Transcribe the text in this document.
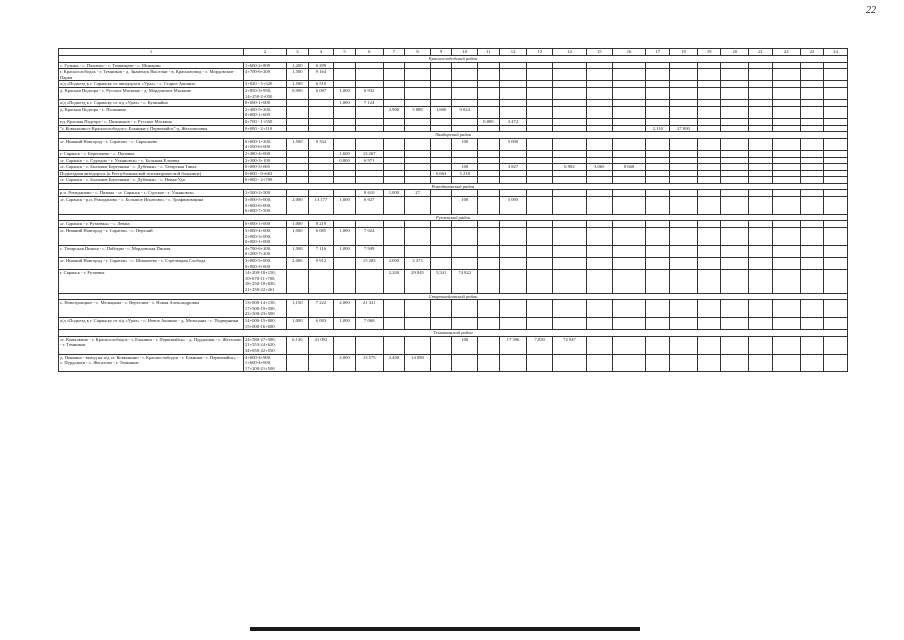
22
1	2	3	4	5	6	7	8	9	10	11	12	13	14	15	16	17	18	19	20	21	22	23	24
Краснослободский район																							
с. Гузынь - с. Палимос - с. Темницеве - с. Шинарин	1+600-2+800	1,200	6 299																				
г. Краснослободск - г. Темников - д. Знаменск Выселки - в. Красноповод - с. Мордовские Парки	4+700-6+200	1,500	9 164																				
а/д «Подъезд к г. Саранску от автодороги «Урал» - с. Старое Акшино	3+020 - 5+320	1,500	6 510																				
д. Красная Подгора - с. Русское Маскино - д. Мордовское Маскино	2+850-3+950, 14+250-2+050	0,900	6 087	1,000	6 932																		
а/д «Подъезд к г. Саранску от а/д «Урал» - с. Кушняйно	0+000-1+000			1,000	7 124																		
д. Красная Подгора - с. Полинино	2+400-5+200, 0+000-1+600					2,900	5 888	1,600	9 024														
пд. Красная Подгора - с. Пятницкое - с. Русское Маскино	0+700 - 1+550									0,800	3 472												
"г. Ковылкино-г.Краснослободск-с.Ельники-с.Первомайск"-д. Жегалоповка	0+000 - 2+110															2,110	27 000						
Лямбирский район																							
«г. Нижний Новгород - г. Саратов» - с. Скрыльево	0+000-1+200, 4+500-6+000	1,500	9 332						100		5 000												
г. Саранск - с. Берегачево - с. Поповка	2+480-4+000			1,600	13 267																		
«г. Саранск - с. Суродио - г. Ульяновск» - с. Большая Елховка	2+300-3+100			0,800	6 971																		
«г. Саранск - с. Большие Березники - с. Дубенки» - с. Татарская Тавла	0+000-3+065								100		3 827		6 902	3,065	8 660								
Подъездная автодорога (к Республиканской психиатрической больнице)	0+000 - 0+663							0,663	5 218														
«г. Саранск - с. Большие Березники - с. Дубенки» - с. Новая Уда	0+000 - 2+700																						
Ромодановский район																							
р.п. Ромоданово - с. Пятина - «г. Саранск - с. Сурское - г. Ульяновск»	1+500-2+500				8 610	1,000	27																
«г. Саранск - р.п. Ромоданово - с. Большое Игнатово» - с. Трофимовщина	3+000-5+000, 5+000-6+000, 6+000-7+500	2,000	13 177	1,000	6 927				100		5 005												
Рузаевский район																							
«г. Саранск - г. Рузаевка» - с. Левжа	0+000-1+000	1,000	8 219																				
«г. Нижний Новгород - г. Саратов» - с. Перхляй	3+000-4+000, 2+000-3+000, 0+000-1+000	1,000	6 085	1,000	7 024																		
с. Татарская Пишля - с. Пайгарм - с. Мордовская Пишля	4+700-6+200, 6+200-7+200	1,500	7 116	1,000	7 949																		
«г. Нижний Новгород - г. Саратов» - с. Шишкеево - с. Стрелецкая Слобода	3+000-5+000, 0+000-3+000	2,000	9 912		15 283	2,000	3 373																
г. Саранск - г. Рузаевка	14+200-18+150, 10+670-11+700, 18+250-18+830, 21+250-22+261					2,200	29 845	5,541	74 822														
Старошайговский район																							
с. Новотроицкое - с. Мельцаны - с. Вертелим - с. Новая Александровка	13+000-14+150, 17+500-19+500, 22+500-23+500	1,150	7 222	2,000	21 321																		
а/д «Подъезд к г. Саранску от а/д «Урал» - с. Новое Акшино - д. Мельцаны - с. Подверники	14+000-15+000, 15+000-16+000	1,000	6 083	1,000	7 068																		
Темниковский район																							
«г. Ковылкино - г. Краснослободск - г. Ельники - г. Первомайск» - д. Пурдошки - с. Жегалово - г. Темников	24+580-27+590, 21+553-24+620, 34+650-42+550	6,130	41 092						100		17 396	7,850	72 947										
д. Пиявина - выезд на а/д «г. Ковылкино - г. Краснослободск - г. Ельники - г. Первомайск» - с. Пурдошки - с. Жегалово - г. Темников	4+000-4+900, 1+600-4+000, 17+200-21+500			2,000	13 575	2,400	14 080																
